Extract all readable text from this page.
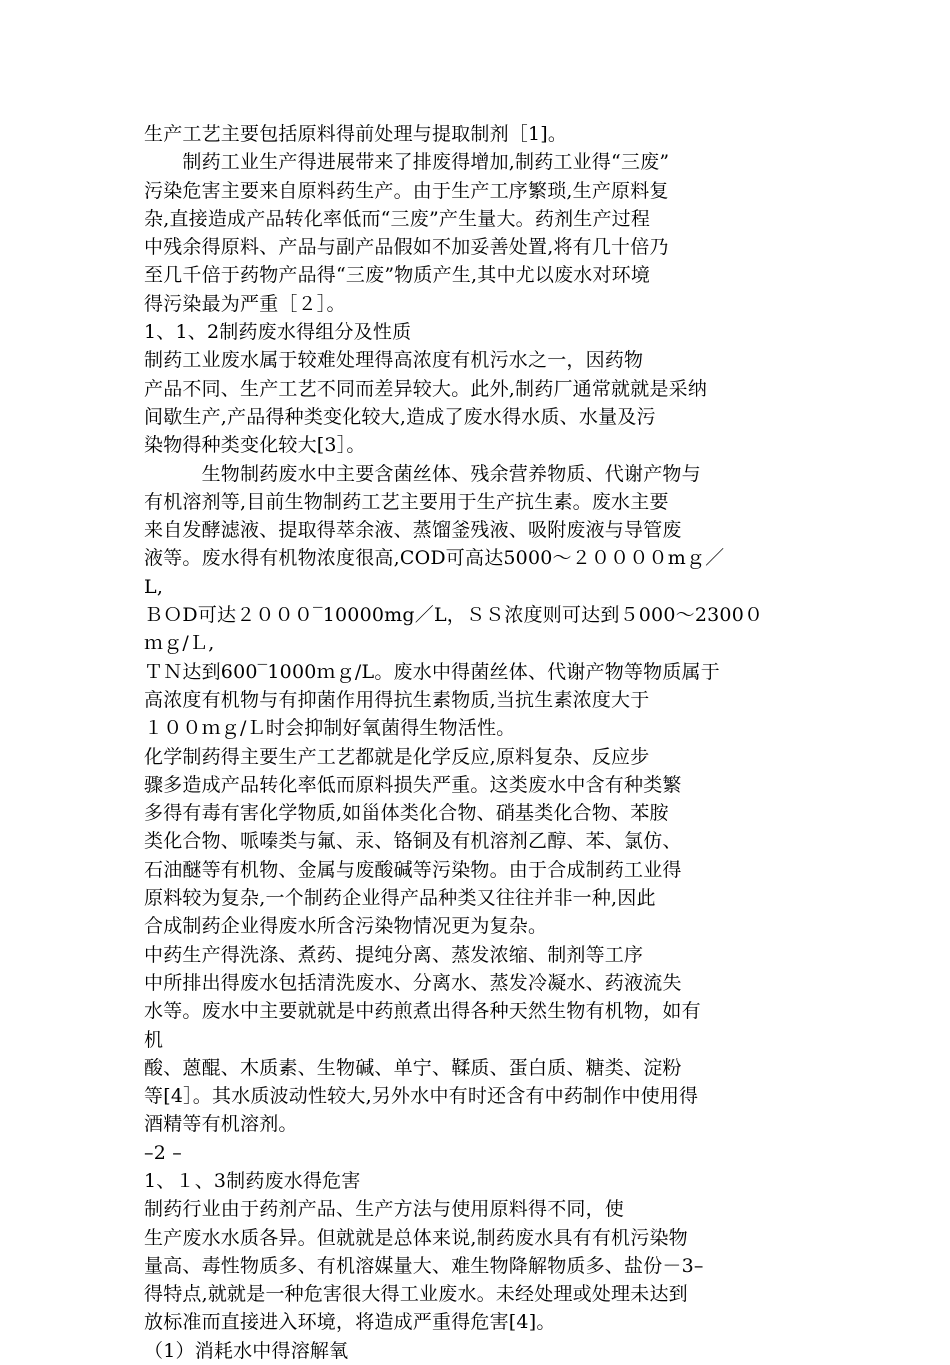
生产工艺主要包括原料得前处理与提取制剂［1]。
　　制药工业生产得进展带来了排废得增加,制药工业得“三废”
污染危害主要来自原料药生产。由于生产工序繁琐,生产原料复
杂,直接造成产品转化率低而“三废”产生量大。药剂生产过程
中残余得原料、产品与副产品假如不加妥善处置,将有几十倍乃
至几千倍于药物产品得“三废”物质产生,其中尤以废水对环境
得污染最为严重［２］。
1、1、2制药废水得组分及性质
制药工业废水属于较难处理得高浓度有机污水之一，因药物
产品不同、生产工艺不同而差异较大。此外,制药厂通常就就是采纳
间歇生产,产品得种类变化较大,造成了废水得水质、水量及污
染物得种类变化较大[3］。
　　　生物制药废水中主要含菌丝体、残余营养物质、代谢产物与
有机溶剂等,目前生物制药工艺主要用于生产抗生素。废水主要
来自发酵滤液、提取得萃余液、蒸馏釜残液、吸附废液与导管废
液等。废水得有机物浓度很高,COD可高达5000～２００００mｇ／
L,
ＢＯD可达２０００‾10000mg／L，ＳＳ浓度则可达到５000～2300０
ｍｇ/Ｌ,
ＴＮ达到600‾1000ｍｇ/L。废水中得菌丝体、代谢产物等物质属于
高浓度有机物与有抑菌作用得抗生素物质,当抗生素浓度大于
１００ｍｇ/Ｌ时会抑制好氧菌得生物活性。
化学制药得主要生产工艺都就是化学反应,原料复杂、反应步
骤多造成产品转化率低而原料损失严重。这类废水中含有种类繁
多得有毒有害化学物质,如甾体类化合物、硝基类化合物、苯胺
类化合物、哌嗪类与氟、汞、铬铜及有机溶剂乙醇、苯、氯仿、
石油醚等有机物、金属与废酸碱等污染物。由于合成制药工业得
原料较为复杂,一个制药企业得产品种类又往往并非一种,因此
合成制药企业得废水所含污染物情况更为复杂。
中药生产得洗涤、煮药、提纯分离、蒸发浓缩、制剂等工序
中所排出得废水包括清洗废水、分离水、蒸发冷凝水、药液流失
水等。废水中主要就就是中药煎煮出得各种天然生物有机物，如有
机
酸、蒽醌、木质素、生物碱、单宁、鞣质、蛋白质、糖类、淀粉
等[4］。其水质波动性较大,另外水中有时还含有中药制作中使用得
酒精等有机溶剂。
–2 –
1、１、3制药废水得危害
制药行业由于药剂产品、生产方法与使用原料得不同，使
生产废水水质各异。但就就是总体来说,制药废水具有有机污染物
量高、毒性物质多、有机溶媒量大、难生物降解物质多、盐份－3–
得特点,就就是一种危害很大得工业废水。未经处理或处理未达到
放标准而直接进入环境，将造成严重得危害[4]。
（1）消耗水中得溶解氧
